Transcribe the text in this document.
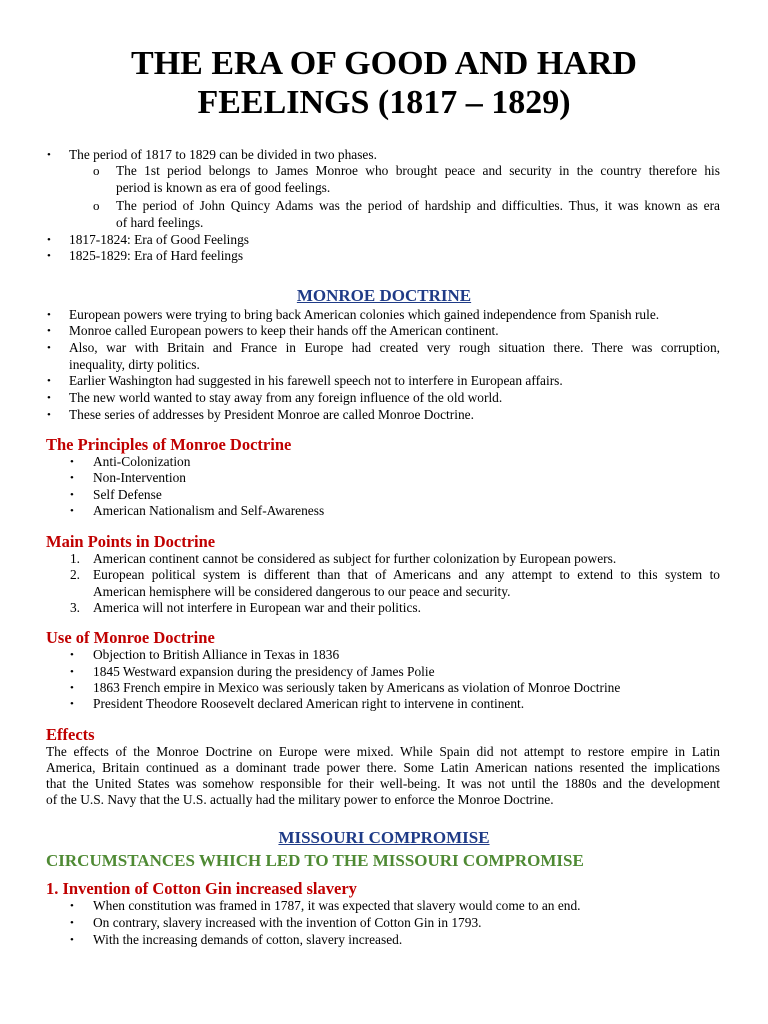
THE ERA OF GOOD AND HARD
FEELINGS (1817 – 1829)
• The period of 1817 to 1829 can be divided in two phases.
o The 1st period belongs to James Monroe who brought peace and security in the country therefore his
period is known as era of good feelings.
o The period of John Quincy Adams was the period of hardship and difficulties. Thus, it was known as era
of hard feelings.
• 1817-1824: Era of Good Feelings
• 1825-1829: Era of Hard feelings
MONROE DOCTRINE
• European powers were trying to bring back American colonies which gained independence from Spanish rule.
• Monroe called European powers to keep their hands off the American continent.
• Also, war with Britain and France in Europe had created very rough situation there. There was corruption,
inequality, dirty politics.
• Earlier Washington had suggested in his farewell speech not to interfere in European affairs.
• The new world wanted to stay away from any foreign influence of the old world.
• These series of addresses by President Monroe are called Monroe Doctrine.
The Principles of Monroe Doctrine
• Anti-Colonization
• Non-Intervention
• Self Defense
• American Nationalism and Self-Awareness
Main Points in Doctrine
1. American continent cannot be considered as subject for further colonization by European powers.
2. European political system is different than that of Americans and any attempt to extend to this system to
American hemisphere will be considered dangerous to our peace and security.
3. America will not interfere in European war and their politics.
Use of Monroe Doctrine
• Objection to British Alliance in Texas in 1836
• 1845 Westward expansion during the presidency of James Polie
• 1863 French empire in Mexico was seriously taken by Americans as violation of Monroe Doctrine
• President Theodore Roosevelt declared American right to intervene in continent.
Effects
The effects of the Monroe Doctrine on Europe were mixed. While Spain did not attempt to restore empire in Latin
America, Britain continued as a dominant trade power there. Some Latin American nations resented the implications
that the United States was somehow responsible for their well-being. It was not until the 1880s and the development
of the U.S. Navy that the U.S. actually had the military power to enforce the Monroe Doctrine.
MISSOURI COMPROMISE
CIRCUMSTANCES WHICH LED TO THE MISSOURI COMPROMISE
1. Invention of Cotton Gin increased slavery
• When constitution was framed in 1787, it was expected that slavery would come to an end.
• On contrary, slavery increased with the invention of Cotton Gin in 1793.
• With the increasing demands of cotton, slavery increased.
